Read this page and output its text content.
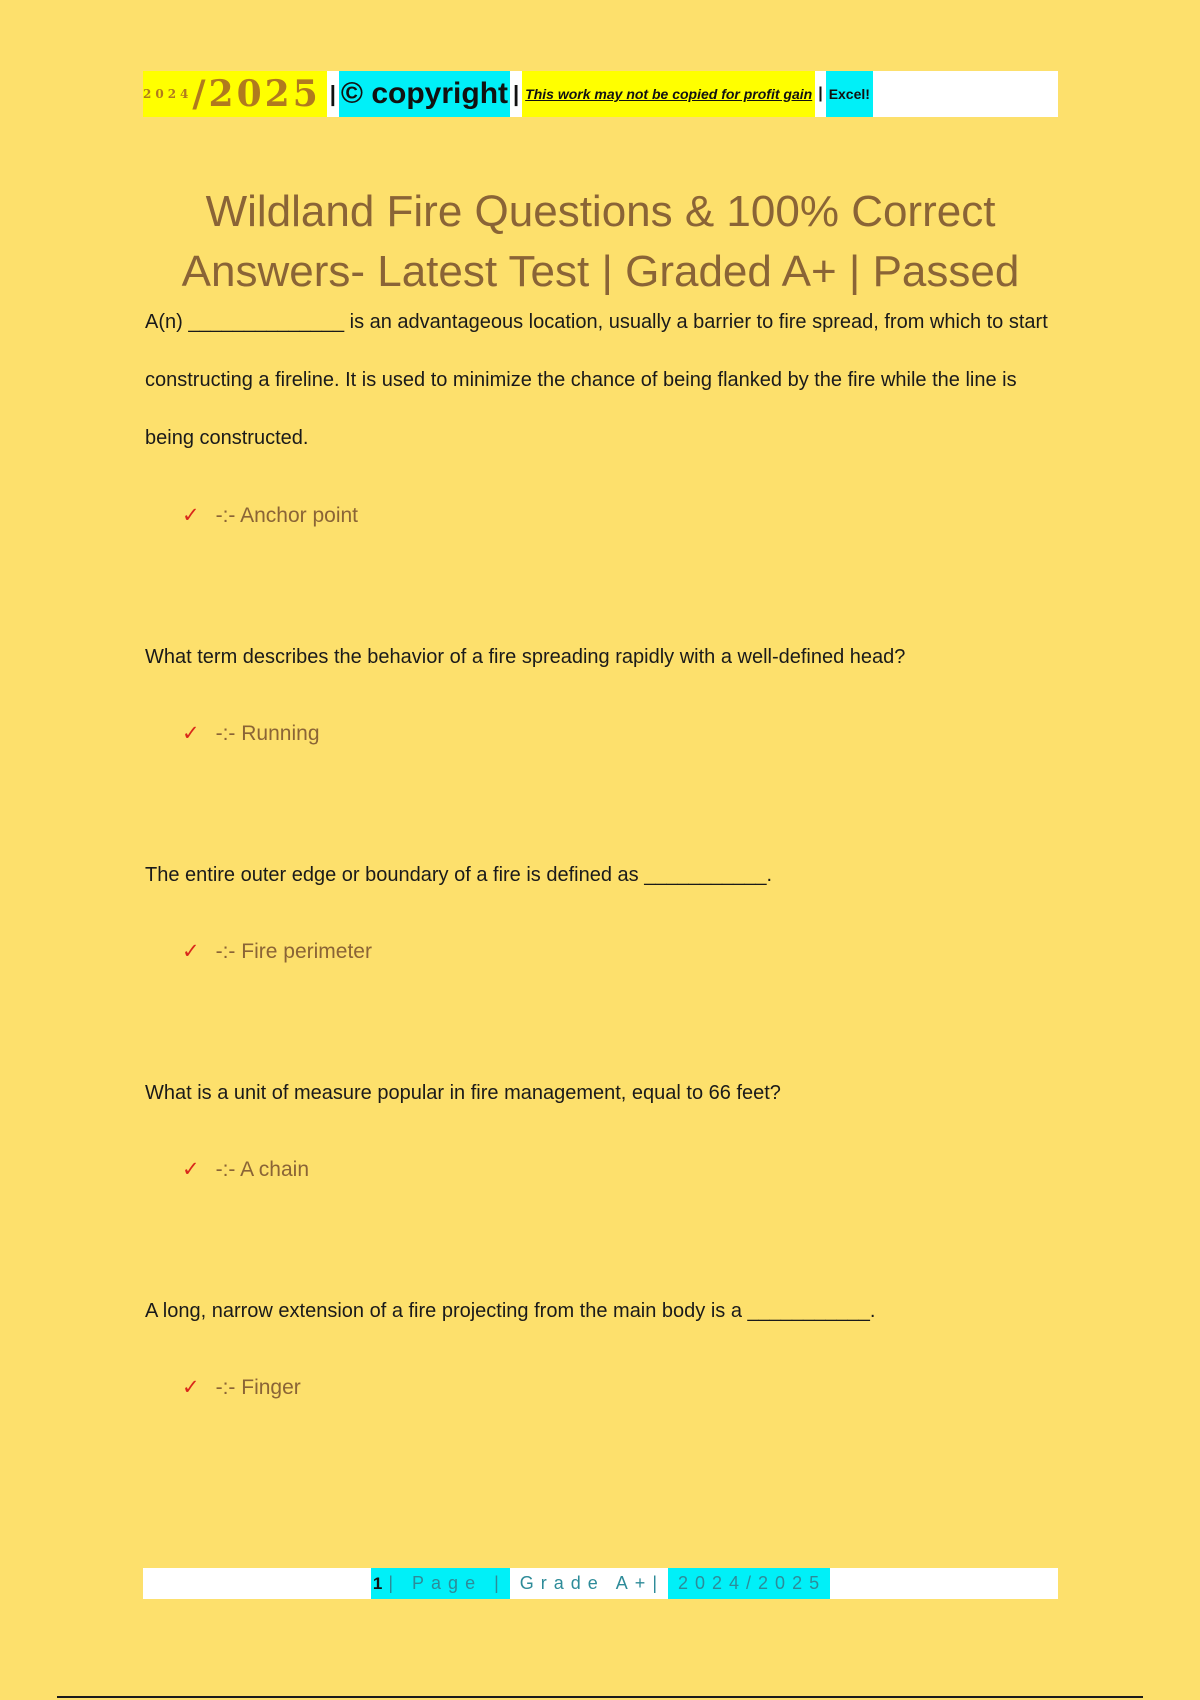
2024 /2025 | © copyright | This work may not be copied for profit gain | Excel!
Wildland Fire Questions & 100% Correct
Answers- Latest Test | Graded A+ | Passed
A(n) ______________ is an advantageous location, usually a barrier to fire spread, from which to start constructing a fireline. It is used to minimize the chance of being flanked by the fire while the line is being constructed.
✓ -:- Anchor point
What term describes the behavior of a fire spreading rapidly with a well-defined head?
✓ -:- Running
The entire outer edge or boundary of a fire is defined as ___________.
✓ -:- Fire perimeter
What is a unit of measure popular in fire management, equal to 66 feet?
✓ -:- A chain
A long, narrow extension of a fire projecting from the main body is a ___________.
✓ -:- Finger
1 | Page | Grade A+| 2024/2025
